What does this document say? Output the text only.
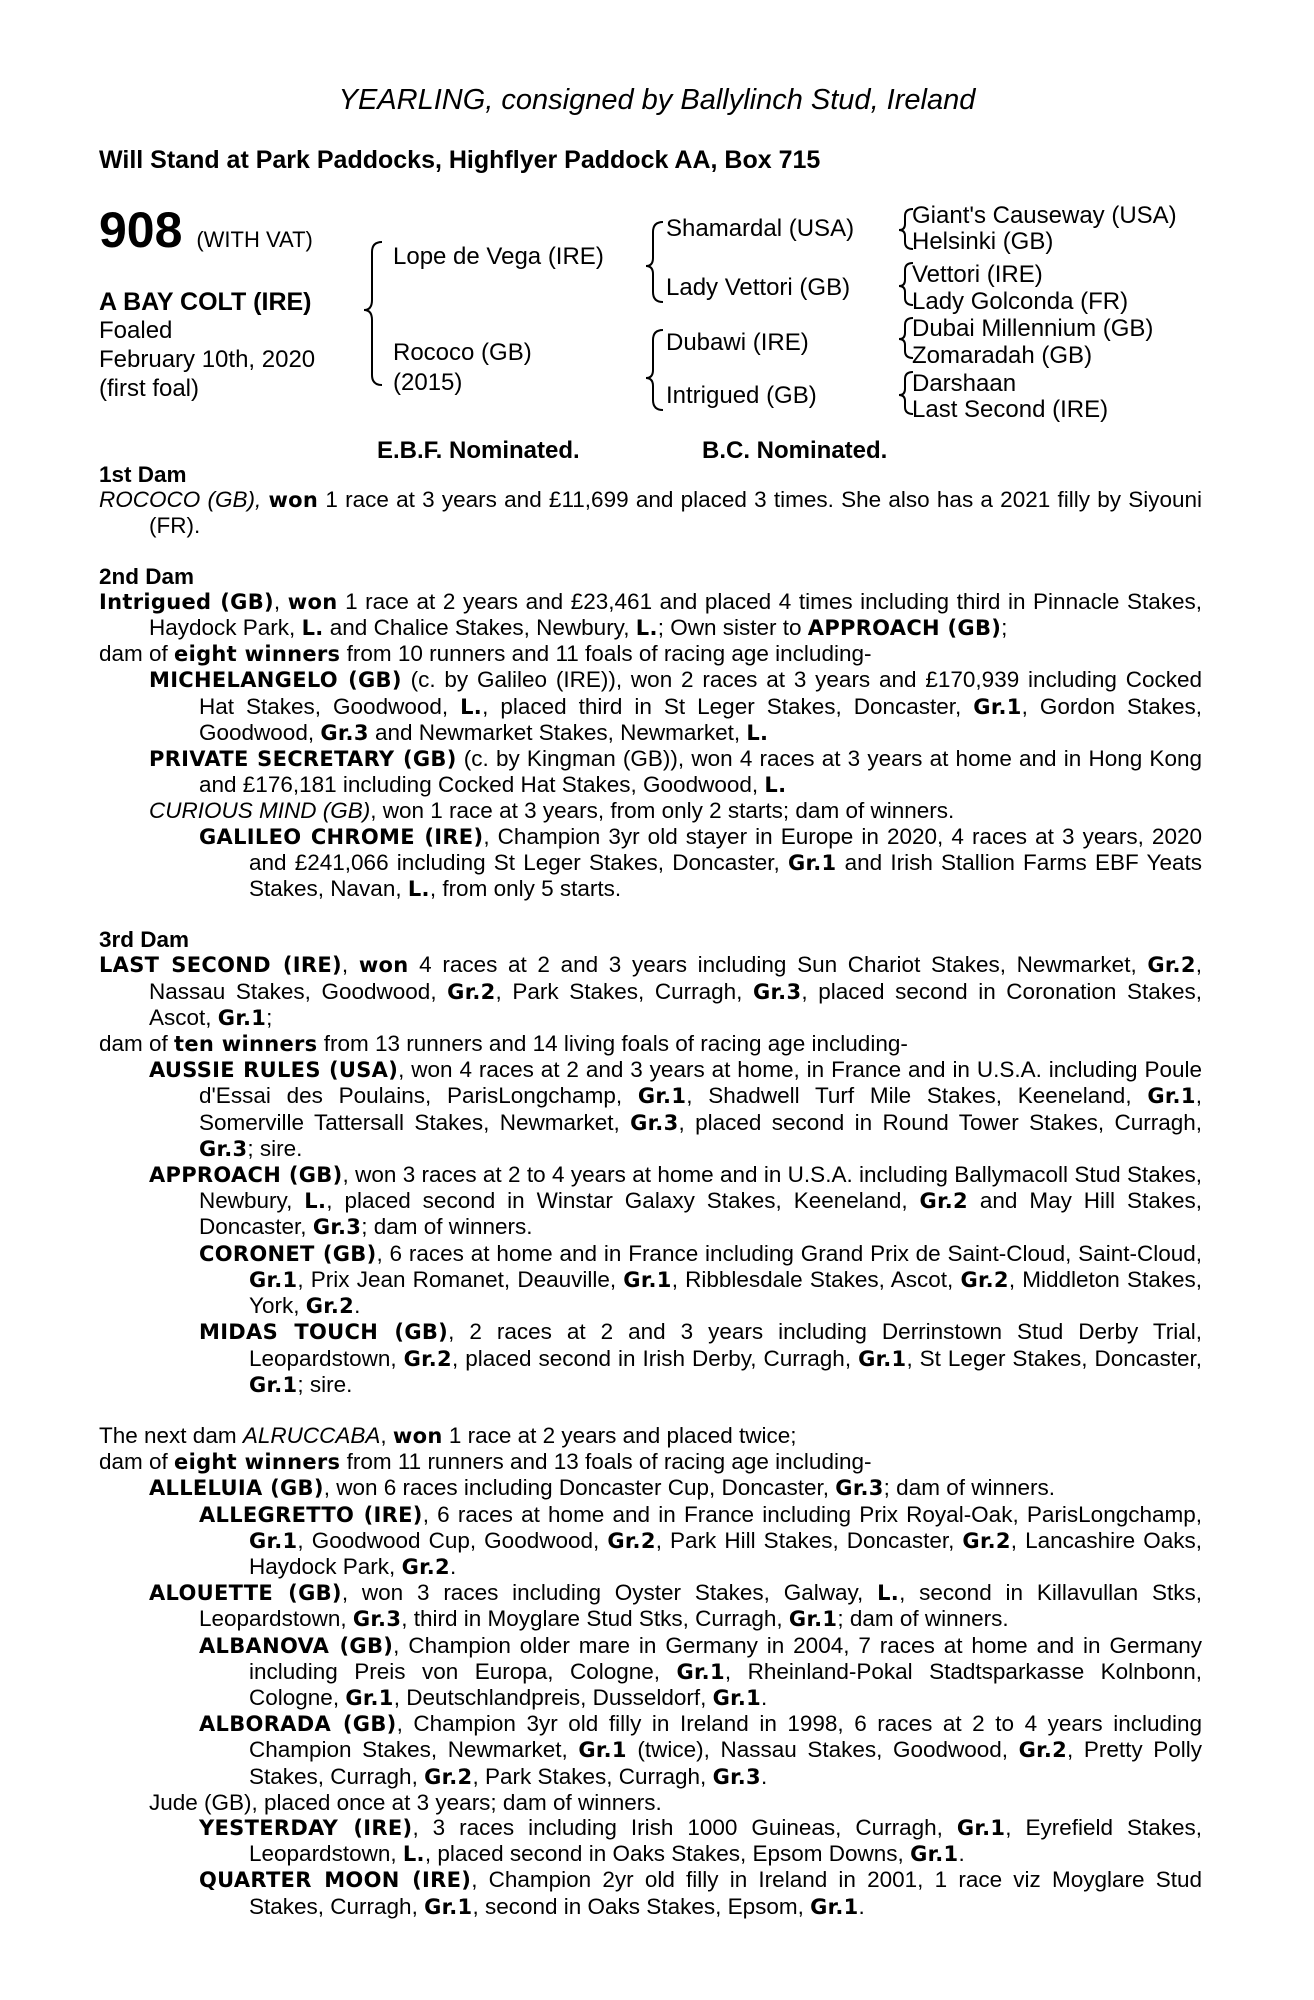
YEARLING, consigned by Ballylinch Stud, Ireland
Will Stand at Park Paddocks, Highflyer Paddock AA, Box 715
908 (WITH VAT)
A BAY COLT (IRE)
Foaled
February 10th, 2020
(first foal)
Lope de Vega (IRE)
Rococo (GB)
(2015)
Shamardal (USA)
Lady Vettori (GB)
Dubawi (IRE)
Intrigued (GB)
Giant's Causeway (USA)
Helsinki (GB)
Vettori (IRE)
Lady Golconda (FR)
Dubai Millennium (GB)
Zomaradah (GB)
Darshaan
Last Second (IRE)
E.B.F. Nominated.	B.C. Nominated.

1st Dam

ROCOCO (GB), won 1 race at 3 years and £11,699 and placed 3 times. She also has a 2021 filly by Siyouni (FR).

2nd Dam

Intrigued (GB), won 1 race at 2 years and £23,461 and placed 4 times including third in Pinnacle Stakes, Haydock Park, L. and Chalice Stakes, Newbury, L.; Own sister to APPROACH (GB);

dam of eight winners from 10 runners and 11 foals of racing age including-

MICHELANGELO (GB) (c. by Galileo (IRE)), won 2 races at 3 years and £170,939 including Cocked Hat Stakes, Goodwood, L., placed third in St Leger Stakes, Doncaster, Gr.1, Gordon Stakes, Goodwood, Gr.3 and Newmarket Stakes, Newmarket, L.

PRIVATE SECRETARY (GB) (c. by Kingman (GB)), won 4 races at 3 years at home and in Hong Kong and £176,181 including Cocked Hat Stakes, Goodwood, L.

CURIOUS MIND (GB), won 1 race at 3 years, from only 2 starts; dam of winners.

GALILEO CHROME (IRE), Champion 3yr old stayer in Europe in 2020, 4 races at 3 years, 2020 and £241,066 including St Leger Stakes, Doncaster, Gr.1 and Irish Stallion Farms EBF Yeats Stakes, Navan, L., from only 5 starts.

3rd Dam

LAST SECOND (IRE), won 4 races at 2 and 3 years including Sun Chariot Stakes, Newmarket, Gr.2, Nassau Stakes, Goodwood, Gr.2, Park Stakes, Curragh, Gr.3, placed second in Coronation Stakes, Ascot, Gr.1;

dam of ten winners from 13 runners and 14 living foals of racing age including-

AUSSIE RULES (USA), won 4 races at 2 and 3 years at home, in France and in U.S.A. including Poule d'Essai des Poulains, ParisLongchamp, Gr.1, Shadwell Turf Mile Stakes, Keeneland, Gr.1, Somerville Tattersall Stakes, Newmarket, Gr.3, placed second in Round Tower Stakes, Curragh, Gr.3; sire.

APPROACH (GB), won 3 races at 2 to 4 years at home and in U.S.A. including Ballymacoll Stud Stakes, Newbury, L., placed second in Winstar Galaxy Stakes, Keeneland, Gr.2 and May Hill Stakes, Doncaster, Gr.3; dam of winners.

CORONET (GB), 6 races at home and in France including Grand Prix de Saint-Cloud, Saint-Cloud, Gr.1, Prix Jean Romanet, Deauville, Gr.1, Ribblesdale Stakes, Ascot, Gr.2, Middleton Stakes, York, Gr.2.

MIDAS TOUCH (GB), 2 races at 2 and 3 years including Derrinstown Stud Derby Trial, Leopardstown, Gr.2, placed second in Irish Derby, Curragh, Gr.1, St Leger Stakes, Doncaster, Gr.1; sire.

The next dam ALRUCCABA, won 1 race at 2 years and placed twice;

dam of eight winners from 11 runners and 13 foals of racing age including-

ALLELUIA (GB), won 6 races including Doncaster Cup, Doncaster, Gr.3; dam of winners.

ALLEGRETTO (IRE), 6 races at home and in France including Prix Royal-Oak, ParisLongchamp, Gr.1, Goodwood Cup, Goodwood, Gr.2, Park Hill Stakes, Doncaster, Gr.2, Lancashire Oaks, Haydock Park, Gr.2.

ALOUETTE (GB), won 3 races including Oyster Stakes, Galway, L., second in Killavullan Stks, Leopardstown, Gr.3, third in Moyglare Stud Stks, Curragh, Gr.1; dam of winners.

ALBANOVA (GB), Champion older mare in Germany in 2004, 7 races at home and in Germany including Preis von Europa, Cologne, Gr.1, Rheinland-Pokal Stadtsparkasse Kolnbonn, Cologne, Gr.1, Deutschlandpreis, Dusseldorf, Gr.1.

ALBORADA (GB), Champion 3yr old filly in Ireland in 1998, 6 races at 2 to 4 years including Champion Stakes, Newmarket, Gr.1 (twice), Nassau Stakes, Goodwood, Gr.2, Pretty Polly Stakes, Curragh, Gr.2, Park Stakes, Curragh, Gr.3.

Jude (GB), placed once at 3 years; dam of winners.

YESTERDAY (IRE), 3 races including Irish 1000 Guineas, Curragh, Gr.1, Eyrefield Stakes, Leopardstown, L., placed second in Oaks Stakes, Epsom Downs, Gr.1.

QUARTER MOON (IRE), Champion 2yr old filly in Ireland in 2001, 1 race viz Moyglare Stud Stakes, Curragh, Gr.1, second in Oaks Stakes, Epsom, Gr.1.
